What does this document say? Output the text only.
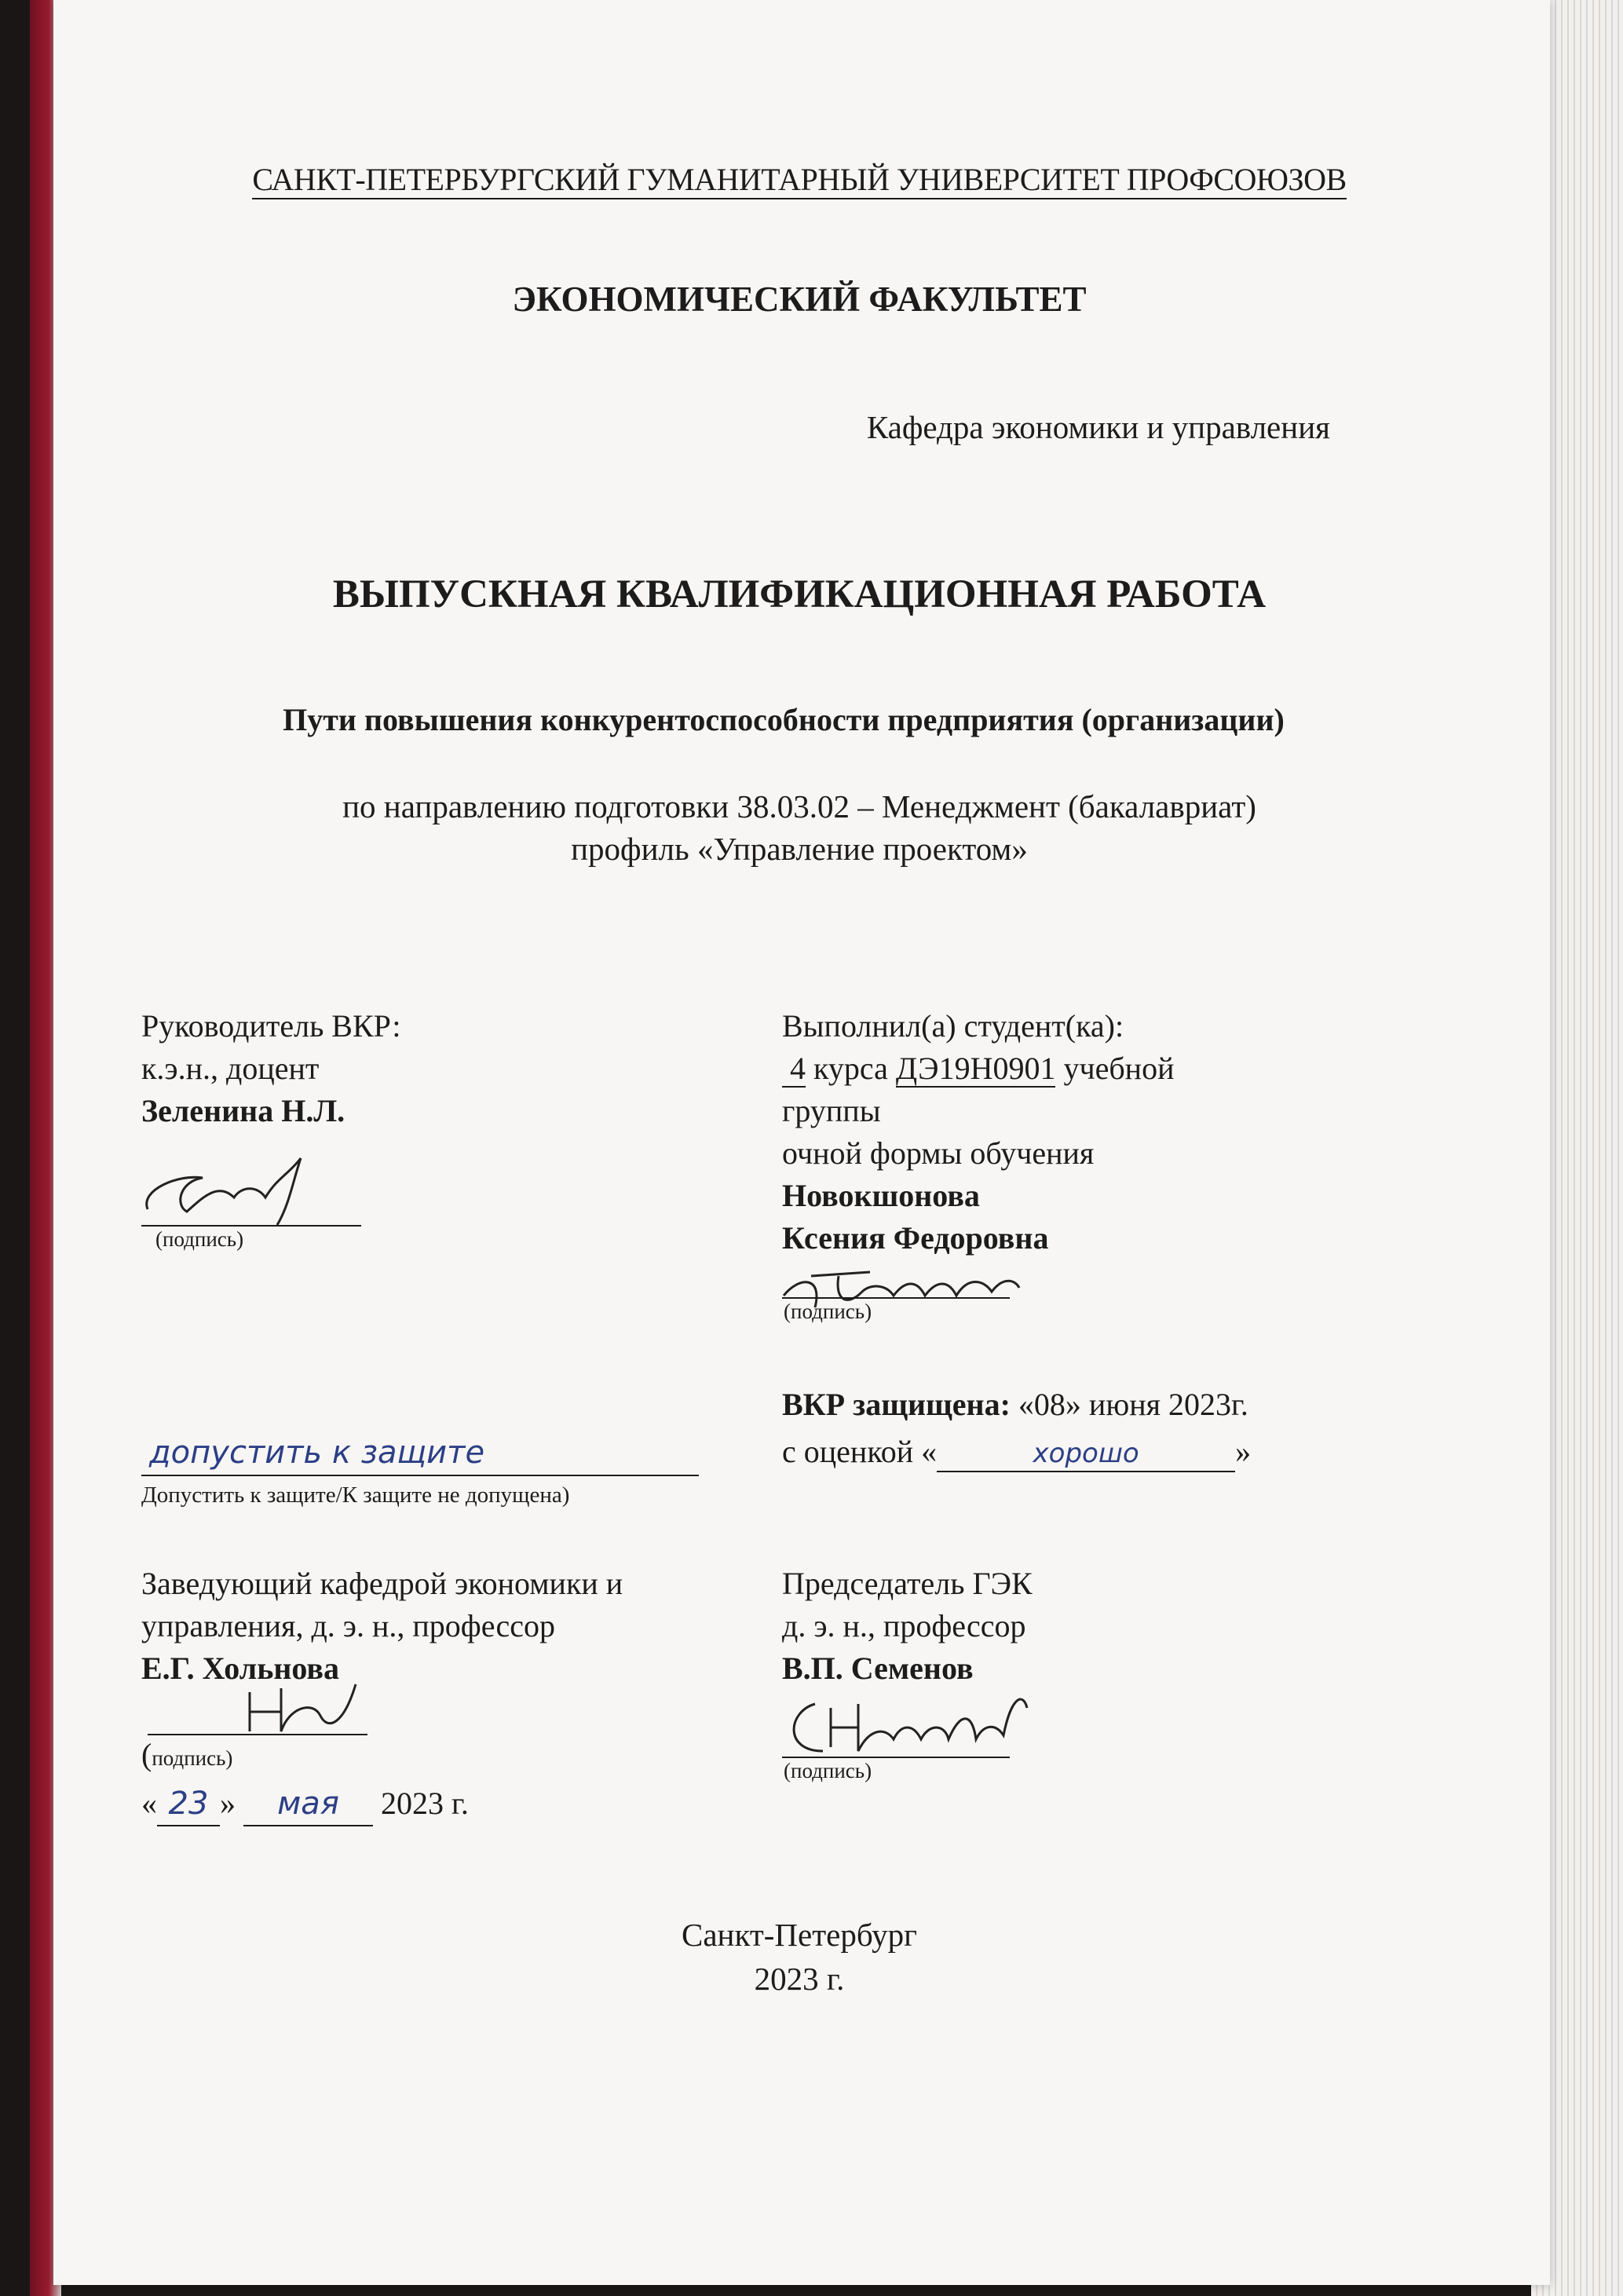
САНКТ-ПЕТЕРБУРГСКИЙ ГУМАНИТАРНЫЙ УНИВЕРСИТЕТ ПРОФСОЮЗОВ
ЭКОНОМИЧЕСКИЙ ФАКУЛЬТЕТ
Кафедра экономики и управления
ВЫПУСКНАЯ КВАЛИФИКАЦИОННАЯ РАБОТА
Пути повышения конкурентоспособности предприятия (организации)
по направлению подготовки 38.03.02 – Менеджмент (бакалавриат)
профиль «Управление проектом»
Руководитель ВКР:
к.э.н., доцент
Зеленина Н.Л.
(подпись)
Выполнил(а) студент(ка):
4 курса ДЭ19Н0901 учебной
группы
очной формы обучения
Новокшонова
Ксения Федоровна
(подпись)
ВКР защищена: «08» июня 2023г.
с оценкой «	хорошо	»
допустить к защите
Допустить к защите/К защите не допущена)
Заведующий кафедрой экономики и
управления, д. э. н., профессор
Е.Г. Хольнова
(подпись)
« 23 » мая 2023 г.
Председатель ГЭК
д. э. н., профессор
В.П. Семенов
(подпись)
Санкт-Петербург
2023 г.
